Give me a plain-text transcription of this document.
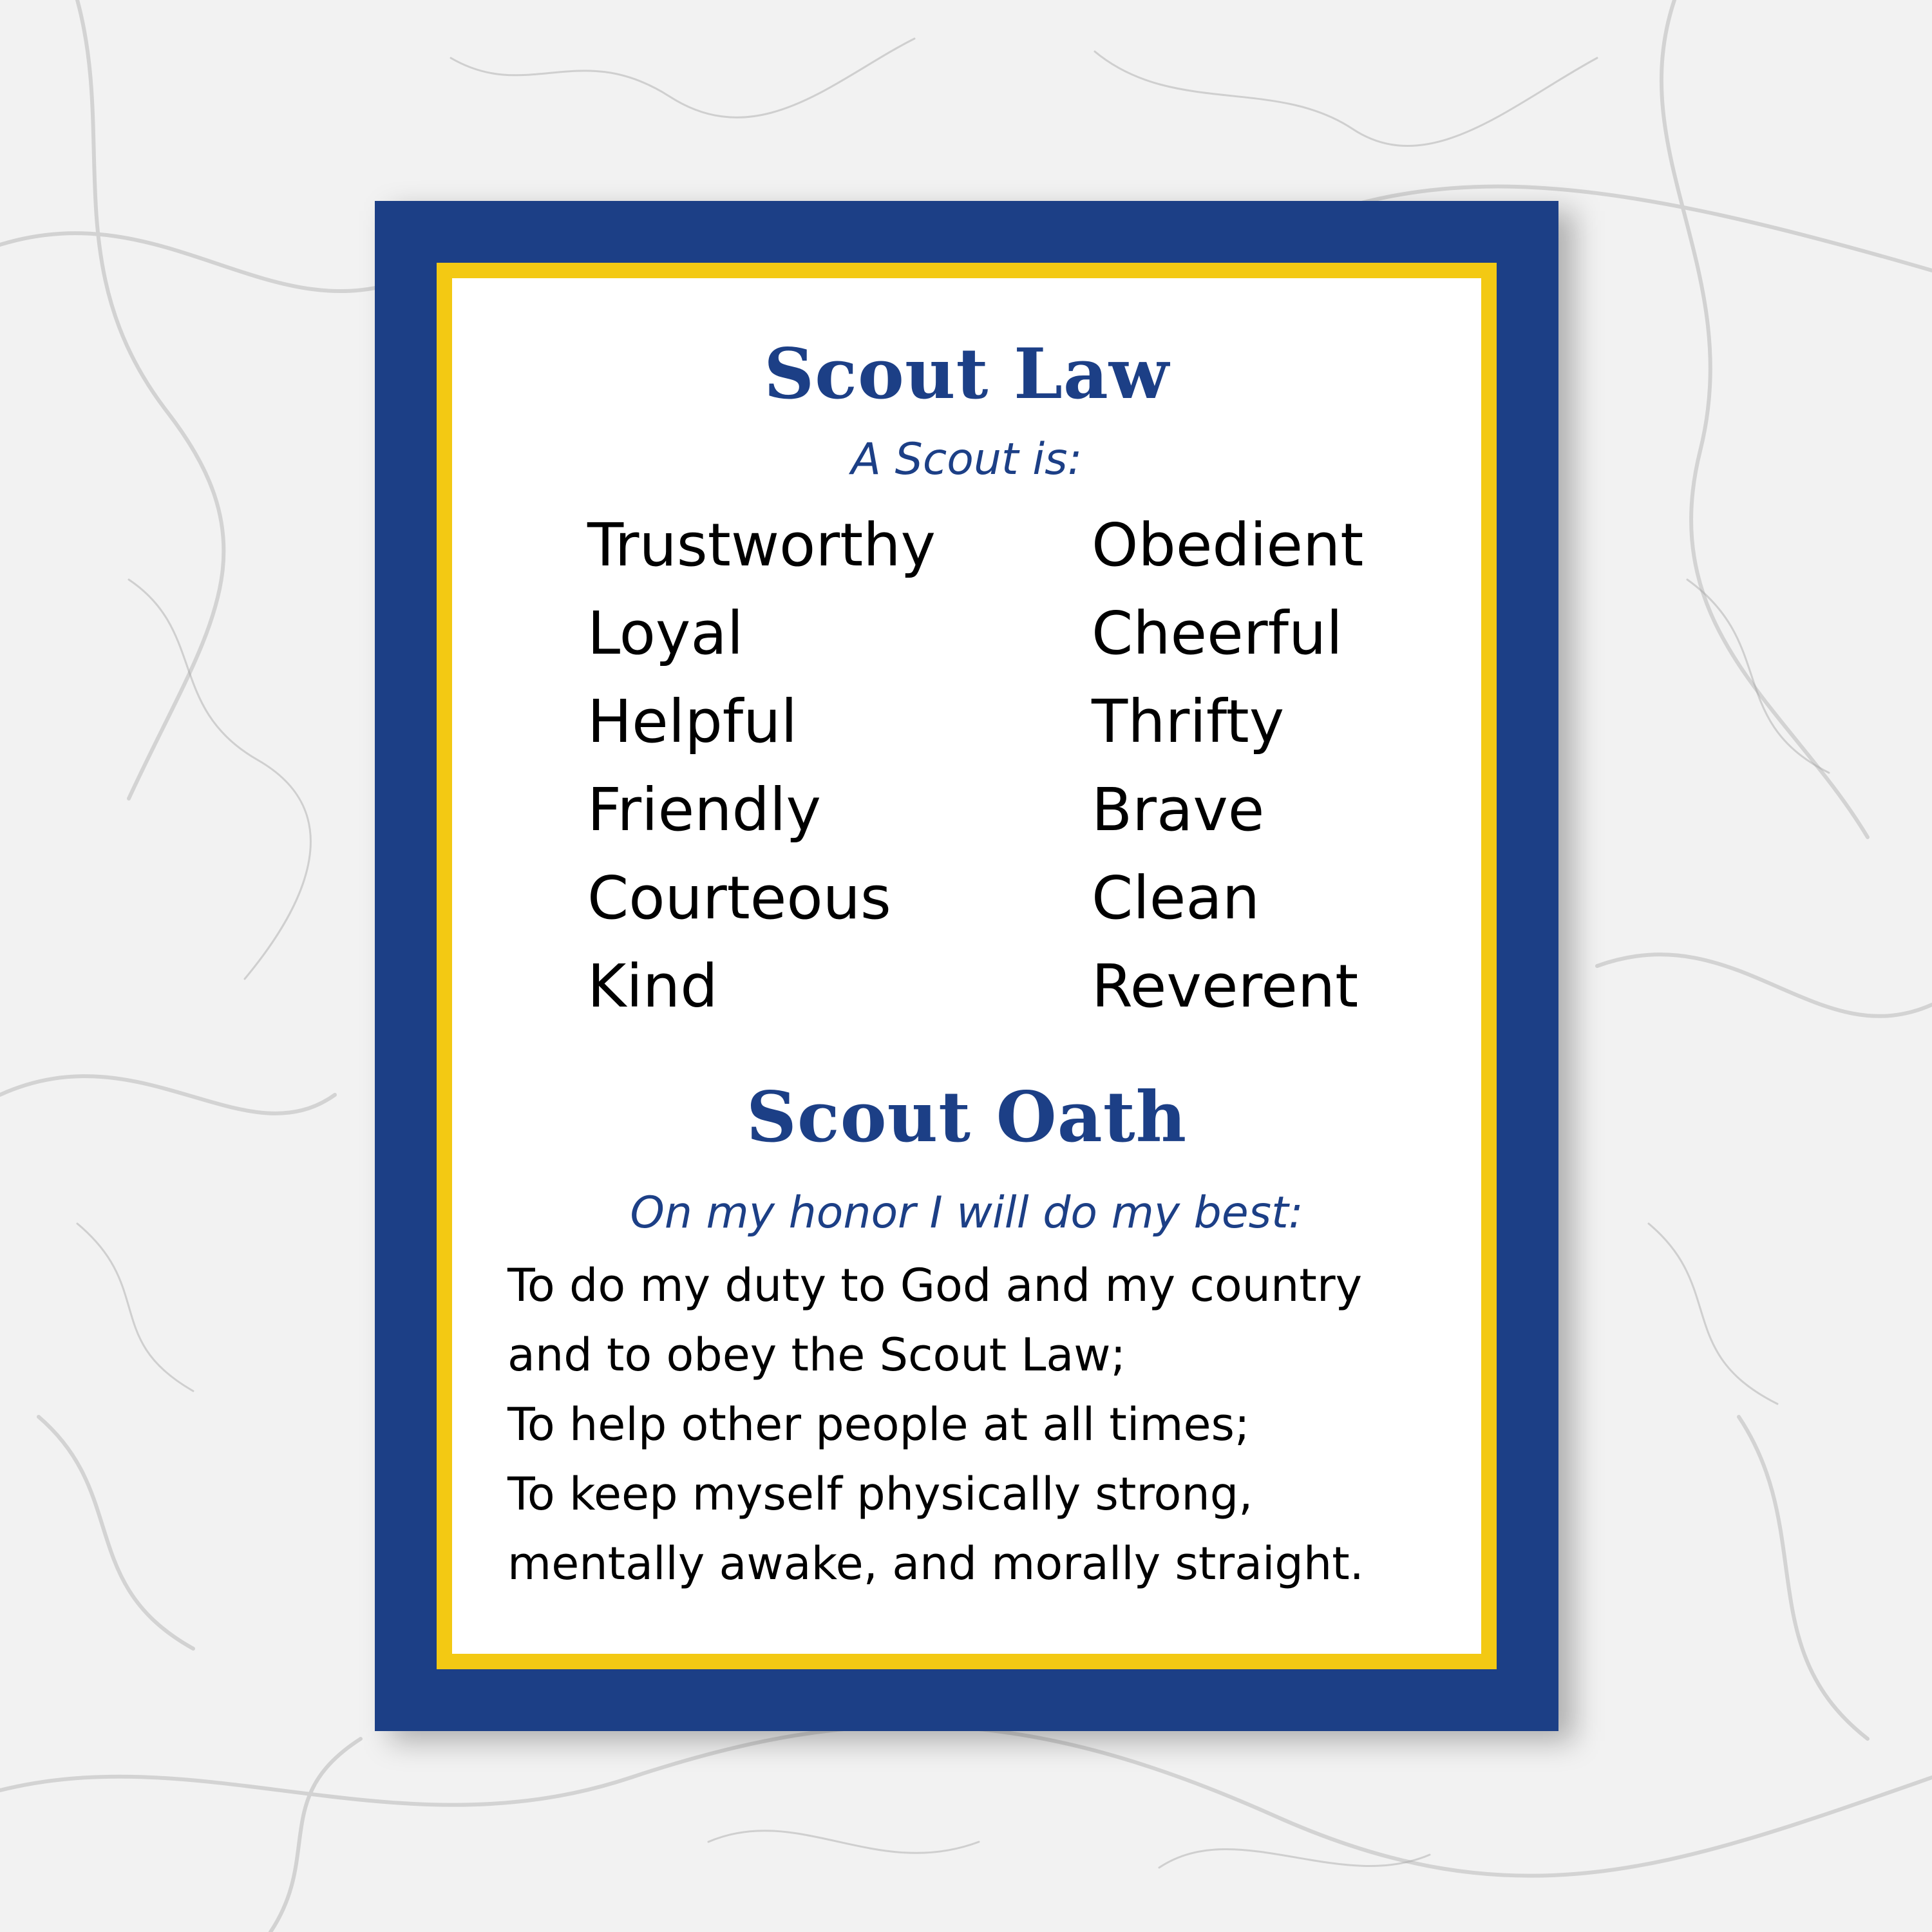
Scout Law
A Scout is:
Trustworthy
Loyal
Helpful
Friendly
Courteous
Kind
Obedient
Cheerful
Thrifty
Brave
Clean
Reverent
Scout Oath
On my honor I will do my best:
To do my duty to God and my country
and to obey the Scout Law;
To help other people at all times;
To keep myself physically strong,
mentally awake, and morally straight.
